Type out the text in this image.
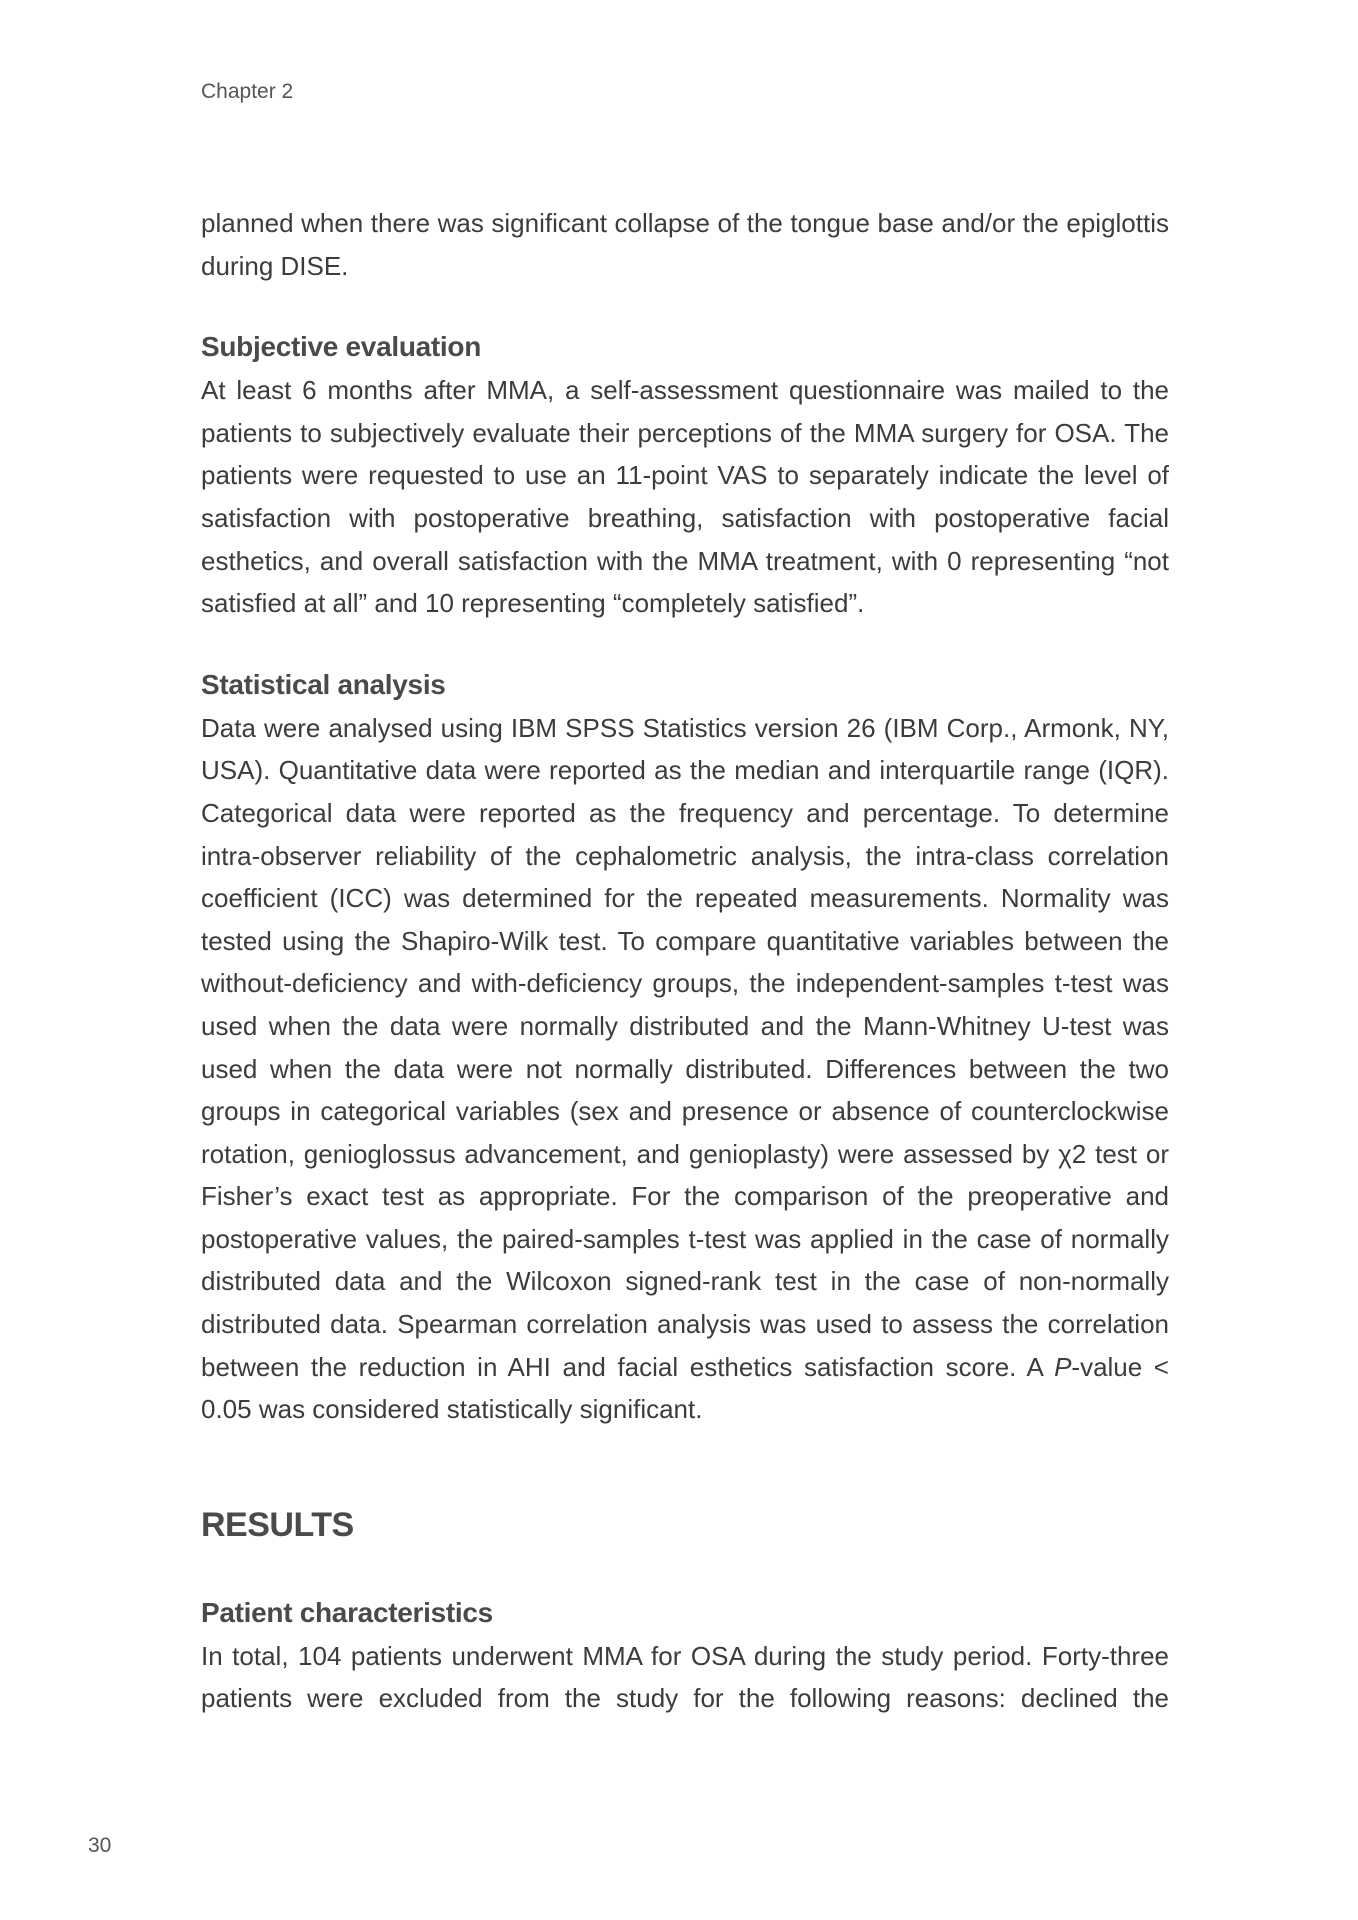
Chapter 2

planned when there was significant collapse of the tongue base and/or the epiglottis during DISE.

Subjective evaluation

At least 6 months after MMA, a self-assessment questionnaire was mailed to the patients to subjectively evaluate their perceptions of the MMA surgery for OSA. The patients were requested to use an 11-point VAS to separately indicate the level of satisfaction with postoperative breathing, satisfaction with postoperative facial esthetics, and overall satisfaction with the MMA treatment, with 0 representing “not satisfied at all” and 10 representing “completely satisfied”.

Statistical analysis

Data were analysed using IBM SPSS Statistics version 26 (IBM Corp., Armonk, NY, USA). Quantitative data were reported as the median and interquartile range (IQR). Categorical data were reported as the frequency and percentage. To determine intra-observer reliability of the cephalometric analysis, the intra-class correlation coefficient (ICC) was determined for the repeated measurements. Normality was tested using the Shapiro-Wilk test. To compare quantitative variables between the without-deficiency and with-deficiency groups, the independent-samples t-test was used when the data were normally distributed and the Mann-Whitney U-test was used when the data were not normally distributed. Differences between the two groups in categorical variables (sex and presence or absence of counterclockwise rotation, genioglossus advancement, and genioplasty) were assessed by χ2 test or Fisher’s exact test as appropriate. For the comparison of the preoperative and postoperative values, the paired-samples t-test was applied in the case of normally distributed data and the Wilcoxon signed-rank test in the case of non-normally distributed data. Spearman correlation analysis was used to assess the correlation between the reduction in AHI and facial esthetics satisfaction score. A P-value < 0.05 was considered statistically significant.

RESULTS
Patient characteristics

In total, 104 patients underwent MMA for OSA during the study period. Forty-three patients were excluded from the study for the following reasons: declined the

30
